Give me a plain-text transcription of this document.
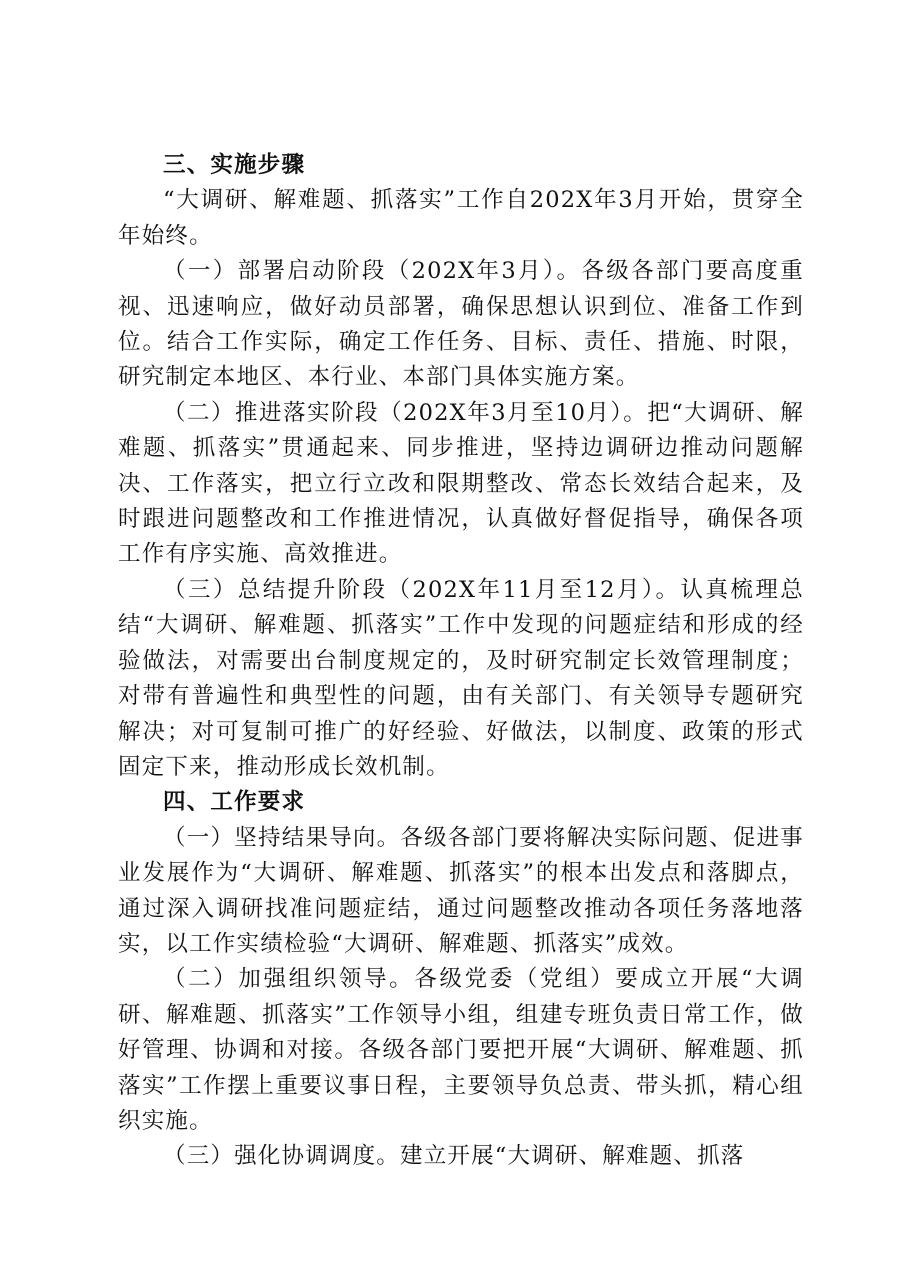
三、实施步骤

“大调研、解难题、抓落实”工作自202X年3月开始，贯穿全年始终。

（一）部署启动阶段（202X年3月）。各级各部门要高度重视、迅速响应，做好动员部署，确保思想认识到位、准备工作到位。结合工作实际，确定工作任务、目标、责任、措施、时限，研究制定本地区、本行业、本部门具体实施方案。

（二）推进落实阶段（202X年3月至10月）。把“大调研、解难题、抓落实”贯通起来、同步推进，坚持边调研边推动问题解决、工作落实，把立行立改和限期整改、常态长效结合起来，及时跟进问题整改和工作推进情况，认真做好督促指导，确保各项工作有序实施、高效推进。

（三）总结提升阶段（202X年11月至12月）。认真梳理总结“大调研、解难题、抓落实”工作中发现的问题症结和形成的经验做法，对需要出台制度规定的，及时研究制定长效管理制度；对带有普遍性和典型性的问题，由有关部门、有关领导专题研究解决；对可复制可推广的好经验、好做法，以制度、政策的形式固定下来，推动形成长效机制。

四、工作要求

（一）坚持结果导向。各级各部门要将解决实际问题、促进事业发展作为“大调研、解难题、抓落实”的根本出发点和落脚点，通过深入调研找准问题症结，通过问题整改推动各项任务落地落实，以工作实绩检验“大调研、解难题、抓落实”成效。

（二）加强组织领导。各级党委（党组）要成立开展“大调研、解难题、抓落实”工作领导小组，组建专班负责日常工作，做好管理、协调和对接。各级各部门要把开展“大调研、解难题、抓落实”工作摆上重要议事日程，主要领导负总责、带头抓，精心组织实施。

（三）强化协调调度。建立开展“大调研、解难题、抓落
